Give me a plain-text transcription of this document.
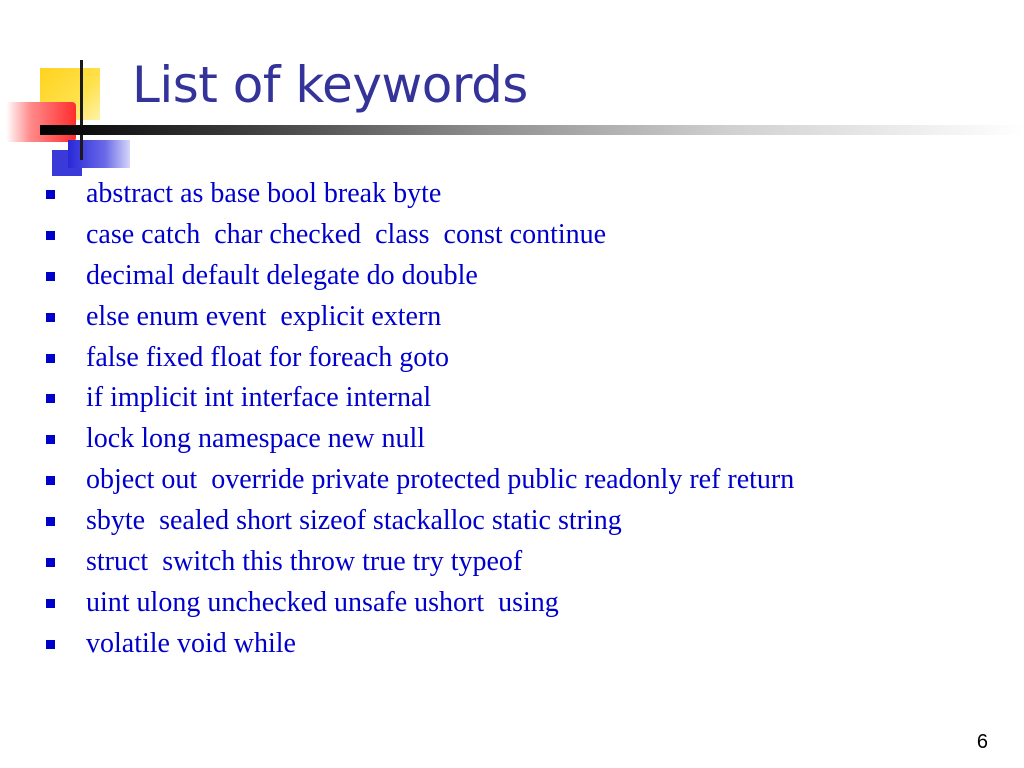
List of keywords
abstract as base bool break byte
case catch  char checked  class  const continue
decimal default delegate do double
else enum event  explicit extern
false fixed float for foreach goto
if implicit int interface internal
lock long namespace new null
object out  override private protected public readonly ref return
sbyte  sealed short sizeof stackalloc static string
struct  switch this throw true try typeof
uint ulong unchecked unsafe ushort  using
volatile void while
6
